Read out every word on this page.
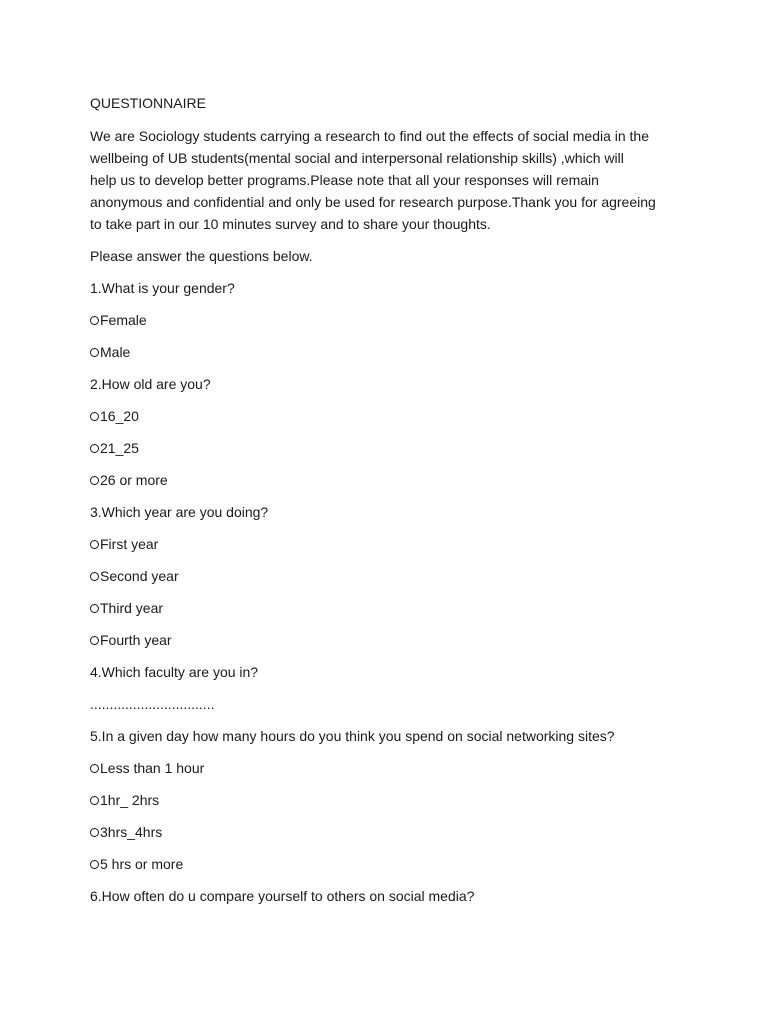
QUESTIONNAIRE
We are Sociology students carrying a research to find out the effects of social media in the
wellbeing of UB students(mental social and interpersonal relationship skills) ,which will
help us to develop better programs.Please note that all your responses will remain
anonymous and confidential and only be used for research purpose.Thank you for agreeing
to take part in our 10 minutes survey and to share your thoughts.
Please answer the questions below.
1.What is your gender?
Female
Male
2.How old are you?
16_20
21_25
26 or more
3.Which year are you doing?
First year
Second year
Third year
Fourth year
4.Which faculty are you in?
................................
5.In a given day how many hours do you think you spend on social networking sites?
Less than 1 hour
1hr_ 2hrs
3hrs_4hrs
5 hrs or more
6.How often do u compare yourself to others on social media?
